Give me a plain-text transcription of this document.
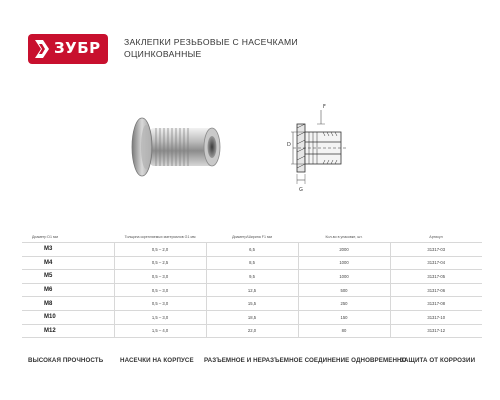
ЗУБР	ЗАКЛЕПКИ РЕЗЬБОВЫЕ С НАСЕЧКАМИ
ОЦИНКОВАННЫЕ
D
F
G
Диаметр D1 мм	Толщина скрепляемых материалов G1 мм	Диаметр/Ширина F1 мм	Кол-во в упаковке, шт.	Артикул
М3	0,5 – 2,0	6,5	2000	31317-03
М4	0,5 – 2,5	8,5	1000	31317-04
М5	0,5 – 3,0	9,5	1000	31317-05
М6	0,5 – 3,0	12,5	500	31317-06
М8	0,5 – 3,0	15,5	250	31317-08
М10	1,5 – 3,0	18,5	150	31317-10
М12	1,5 – 4,0	22,0	80	31317-12
ВЫСОКАЯ ПРОЧНОСТЬ	НАСЕЧКИ НА КОРПУСЕ РАЗЪЕМНОЕ И НЕРАЗЪЕМНОЕ СОЕДИНЕНИЕ ОДНОВРЕМЕННО
ЗАЩИТА ОТ КОРРОЗИИ
